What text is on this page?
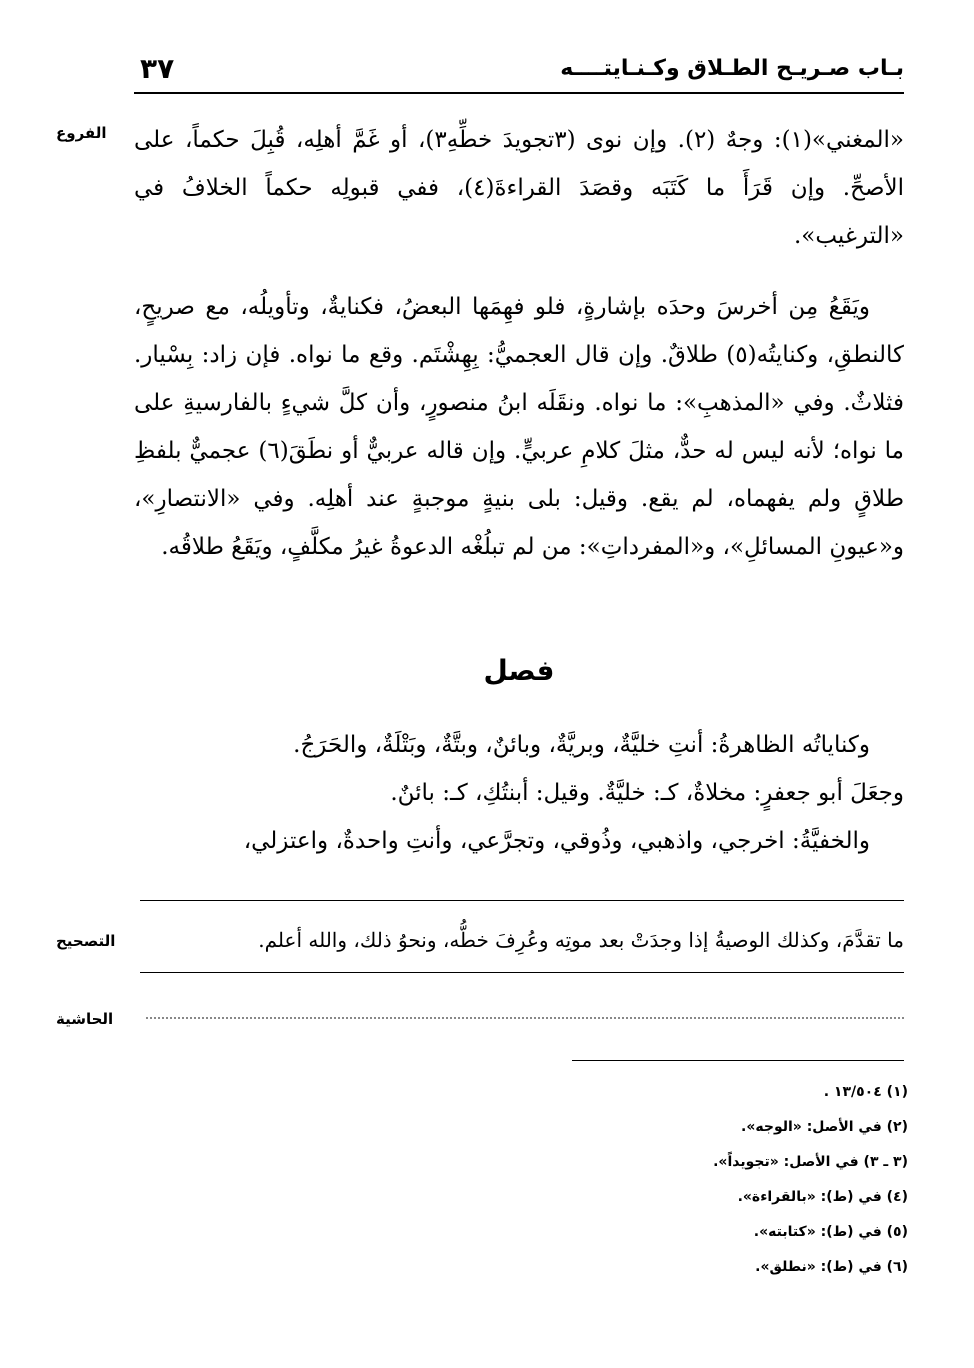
بـاب صـريـح الطـلاق وكـنـايتــــه
٣٧
الفروع	«المغني»(١): وجهٌ (٢). وإن نوى (٣تجويدَ خطِّهِ٣)، أو غَمَّ أهلِه، قُبِلَ حكماً، على الأصحِّ. وإن قَرَأَ ما كَتَبَه وقصَدَ القراءةَ(٤)، ففي قبولِه حكماً الخلافُ في «الترغيب».

ويَقَعُ مِن أخرسَ وحدَه بإشارةٍ، فلو فهِمَها البعضُ، فكنايةٌ، وتأويلُه، مع صريحٍ، كالنطقِ، وكنايتُه(٥) طلاقٌ. وإن قال العجميُّ: بِهِشْتَم. وقع ما نواه. فإن زاد: بِسْيار. فثلاثٌ. وفي «المذهبِ»: ما نواه. ونقَلَه ابنُ منصورٍ، وأن كلَّ شيءٍ بالفارسيةِ على ما نواه؛ لأنه ليس له حدٌّ، مثلَ كلامِ عربيٍّ. وإن قاله عربيٌّ أو نطَقَ(٦) عجميٌّ بلفظِ طلاقٍ ولم يفهماه، لم يقع. وقيل: بلى بنيةٍ موجبةٍ عند أهلِه. وفي «الانتصارِ»، و«عيونِ المسائلِ»، و«المفرداتِ»: من لم تبلُغْه الدعوةُ غيرُ مكلَّفٍ، ويَقَعُ طلاقُه.

فصل
وكناياتُه الظاهرةُ: أنتِ خليَّةٌ، وبريَّةٌ، وبائنٌ، وبتَّةٌ، وبَتْلَةٌ، والحَرَجُ.
وجعَلَ أبو جعفرٍ: مخلاةٌ، كـ: خليَّةٌ. وقيل: أبنتُكِ، كـ: بائنٌ.
والخفيَّةُ: اخرجي، واذهبي، وذُوقي، وتجرَّعي، وأنتِ واحدةٌ، واعتزلي،
التصحيح	ما تقدَّمَ، وكذلك الوصيةُ إذا وجدَتْ بعد موتِه وعُرِفَ خطُّه، ونحوُ ذلك، والله أعلم.
الحاشية
(١) ١٣/٥٠٤ .
(٢) في الأصل: «الوجه».
(٣ ـ ٣) في الأصل: «تجويداً».
(٤) في (ط): «بالقراءة».
(٥) في (ط): «كتابته».
(٦) في (ط): «نطلق».
